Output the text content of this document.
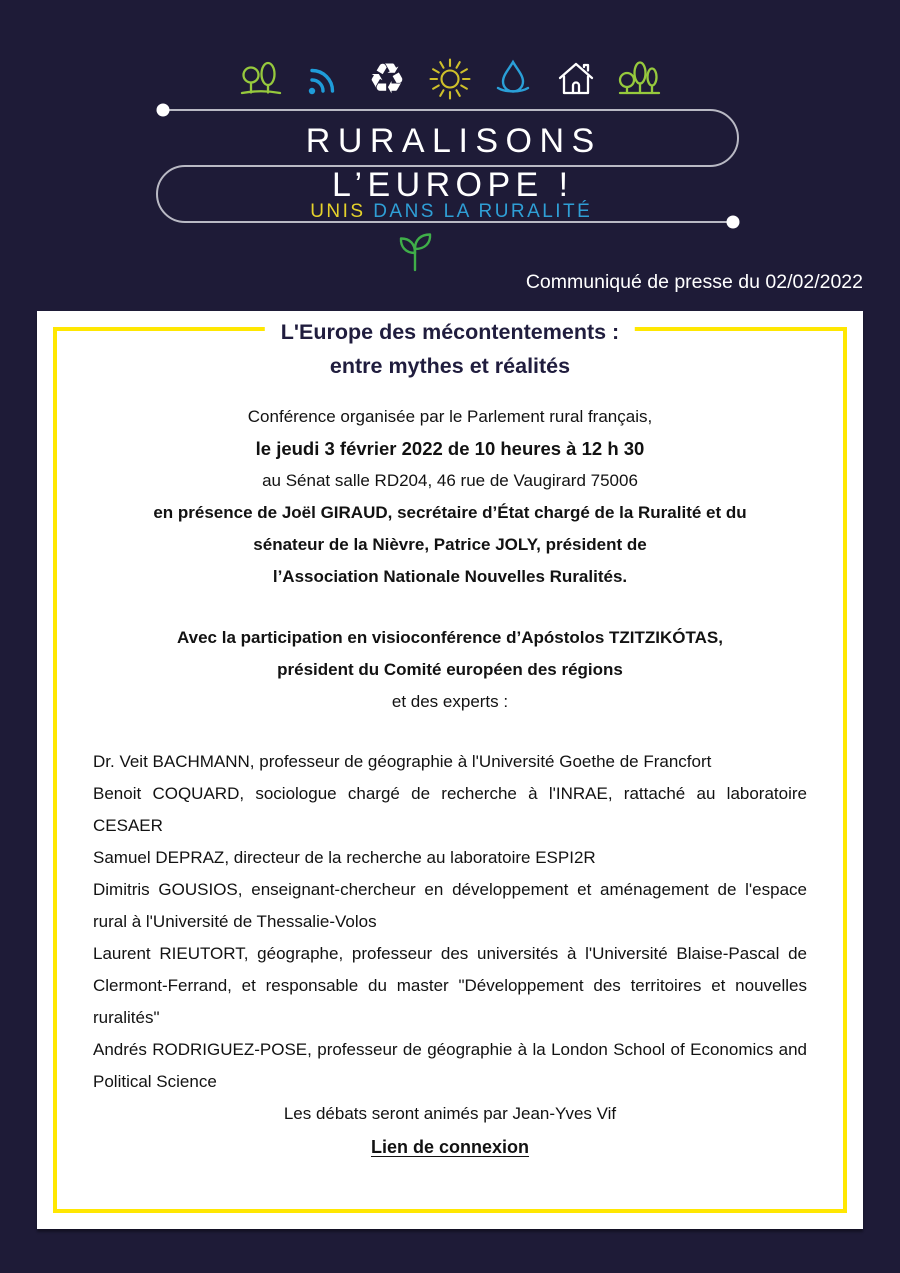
♻
RURALISONS
L’EUROPE !
UNIS DANS LA RURALITÉ
Communiqué de presse du 02/02/2022
L'Europe des mécontentements :
entre mythes et réalités
Conférence organisée par le Parlement rural français,
le jeudi 3 février 2022 de 10 heures à 12 h 30
au Sénat salle RD204, 46 rue de Vaugirard 75006
en présence de Joël GIRAUD, secrétaire d’État chargé de la Ruralité et du
sénateur de la Nièvre, Patrice JOLY, président de
l’Association Nationale Nouvelles Ruralités.
Avec la participation en visioconférence d’Apóstolos TZITZIKÓTAS,
président du Comité européen des régions
et des experts :

Dr. Veit BACHMANN, professeur de géographie à l'Université Goethe de Francfort

Benoit COQUARD, sociologue chargé de recherche à l'INRAE, rattaché au laboratoire CESAER

Samuel DEPRAZ, directeur de la recherche au laboratoire ESPI2R

Dimitris GOUSIOS, enseignant-chercheur en développement et aménagement de l'espace rural à l'Université de Thessalie-Volos

Laurent RIEUTORT, géographe, professeur des universités à l'Université Blaise-Pascal de Clermont-Ferrand, et responsable du master "Développement des territoires et nouvelles ruralités"

Andrés RODRIGUEZ-POSE, professeur de géographie à la London School of Economics and Political Science

Les débats seront animés par Jean-Yves Vif

Lien de connexion
